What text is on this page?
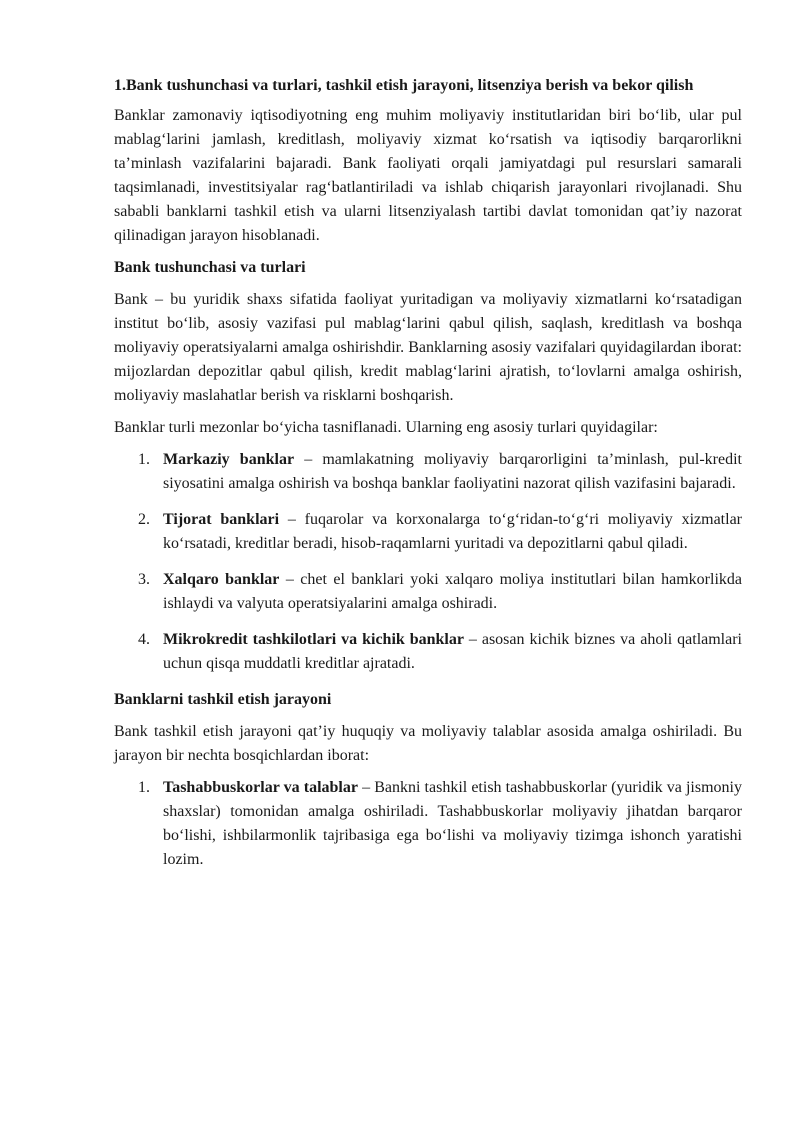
1.Bank tushunchasi va turlari, tashkil etish jarayoni, litsenziya berish va bekor qilish

Banklar zamonaviy iqtisodiyotning eng muhim moliyaviy institutlaridan biri bo‘lib, ular pul mablag‘larini jamlash, kreditlash, moliyaviy xizmat ko‘rsatish va iqtisodiy barqarorlikni ta’minlash vazifalarini bajaradi. Bank faoliyati orqali jamiyatdagi pul resurslari samarali taqsimlanadi, investitsiyalar rag‘batlantiriladi va ishlab chiqarish jarayonlari rivojlanadi. Shu sababli banklarni tashkil etish va ularni litsenziyalash tartibi davlat tomonidan qat’iy nazorat qilinadigan jarayon hisoblanadi.

Bank tushunchasi va turlari

Bank – bu yuridik shaxs sifatida faoliyat yuritadigan va moliyaviy xizmatlarni ko‘rsatadigan institut bo‘lib, asosiy vazifasi pul mablag‘larini qabul qilish, saqlash, kreditlash va boshqa moliyaviy operatsiyalarni amalga oshirishdir. Banklarning asosiy vazifalari quyidagilardan iborat: mijozlardan depozitlar qabul qilish, kredit mablag‘larini ajratish, to‘lovlarni amalga oshirish, moliyaviy maslahatlar berish va risklarni boshqarish.

Banklar turli mezonlar bo‘yicha tasniflanadi. Ularning eng asosiy turlari quyidagilar:

1. Markaziy banklar – mamlakatning moliyaviy barqarorligini ta’minlash, pul-kredit siyosatini amalga oshirish va boshqa banklar faoliyatini nazorat qilish vazifasini bajaradi.
2. Tijorat banklari – fuqarolar va korxonalarga to‘g‘ridan-to‘g‘ri moliyaviy xizmatlar ko‘rsatadi, kreditlar beradi, hisob-raqamlarni yuritadi va depozitlarni qabul qiladi.
3. Xalqaro banklar – chet el banklari yoki xalqaro moliya institutlari bilan hamkorlikda ishlaydi va valyuta operatsiyalarini amalga oshiradi.
4. Mikrokredit tashkilotlari va kichik banklar – asosan kichik biznes va aholi qatlamlari uchun qisqa muddatli kreditlar ajratadi.

Banklarni tashkil etish jarayoni

Bank tashkil etish jarayoni qat’iy huquqiy va moliyaviy talablar asosida amalga oshiriladi. Bu jarayon bir nechta bosqichlardan iborat:

1. Tashabbuskorlar va talablar – Bankni tashkil etish tashabbuskorlar (yuridik va jismoniy shaxslar) tomonidan amalga oshiriladi. Tashabbuskorlar moliyaviy jihatdan barqaror bo‘lishi, ishbilarmonlik tajribasiga ega bo‘lishi va moliyaviy tizimga ishonch yaratishi lozim.
